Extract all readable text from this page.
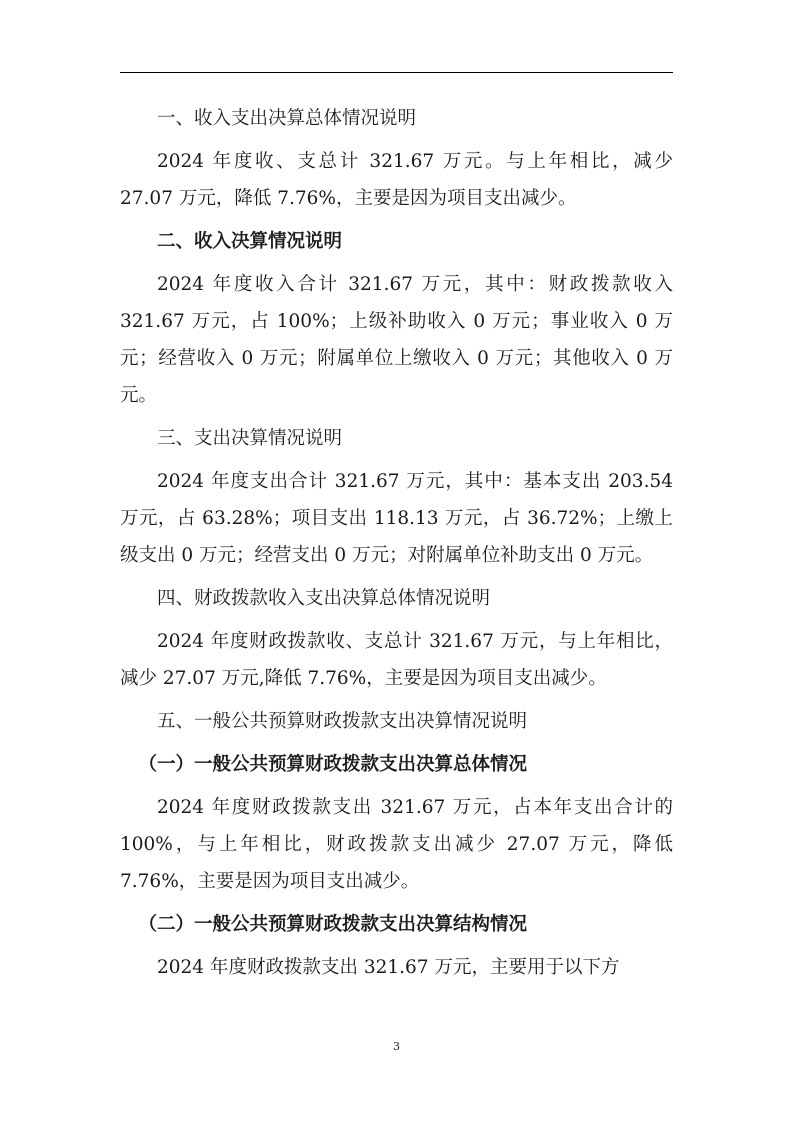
一、收入支出决算总体情况说明

2024 年度收、支总计 321.67 万元。与上年相比，减少 27.07 万元，降低 7.76%，主要是因为项目支出减少。

二、收入决算情况说明

2024 年度收入合计 321.67 万元，其中：财政拨款收入 321.67 万元，占 100%；上级补助收入 0 万元；事业收入 0 万元；经营收入 0 万元；附属单位上缴收入 0 万元；其他收入 0 万元。

三、支出决算情况说明

2024 年度支出合计 321.67 万元，其中：基本支出 203.54 万元，占 63.28%；项目支出 118.13 万元，占 36.72%；上缴上级支出 0 万元；经营支出 0 万元；对附属单位补助支出 0 万元。

四、财政拨款收入支出决算总体情况说明

2024 年度财政拨款收、支总计 321.67 万元，与上年相比，减少 27.07 万元,降低 7.76%，主要是因为项目支出减少。

五、一般公共预算财政拨款支出决算情况说明

（一）一般公共预算财政拨款支出决算总体情况

2024 年度财政拨款支出 321.67 万元，占本年支出合计的 100%，与上年相比，财政拨款支出减少 27.07 万元，降低 7.76%，主要是因为项目支出减少。

（二）一般公共预算财政拨款支出决算结构情况

2024 年度财政拨款支出 321.67 万元，主要用于以下方

3
